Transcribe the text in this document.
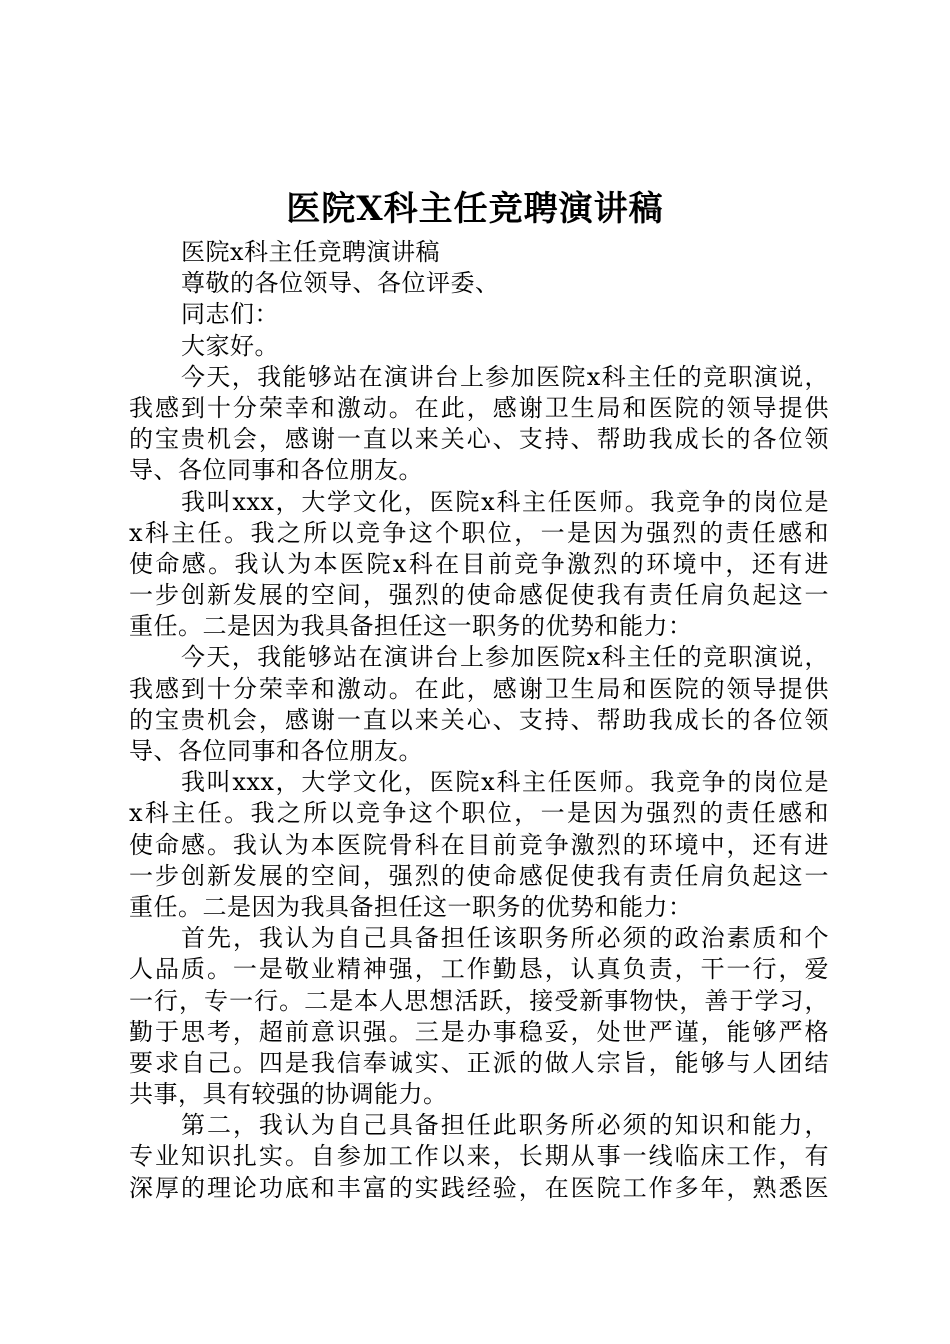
医院X科主任竞聘演讲稿
医院x科主任竞聘演讲稿
尊敬的各位领导、各位评委、
同志们：
大家好。
今天，我能够站在演讲台上参加医院x科主任的竞职演说，
我感到十分荣幸和激动。在此，感谢卫生局和医院的领导提供
的宝贵机会，感谢一直以来关心、支持、帮助我成长的各位领
导、各位同事和各位朋友。
我叫xxx，大学文化，医院x科主任医师。我竞争的岗位是
x科主任。我之所以竞争这个职位，一是因为强烈的责任感和
使命感。我认为本医院x科在目前竞争激烈的环境中，还有进
一步创新发展的空间，强烈的使命感促使我有责任肩负起这一
重任。二是因为我具备担任这一职务的优势和能力：
今天，我能够站在演讲台上参加医院x科主任的竞职演说，
我感到十分荣幸和激动。在此，感谢卫生局和医院的领导提供
的宝贵机会，感谢一直以来关心、支持、帮助我成长的各位领
导、各位同事和各位朋友。
我叫xxx，大学文化，医院x科主任医师。我竞争的岗位是
x科主任。我之所以竞争这个职位，一是因为强烈的责任感和
使命感。我认为本医院骨科在目前竞争激烈的环境中，还有进
一步创新发展的空间，强烈的使命感促使我有责任肩负起这一
重任。二是因为我具备担任这一职务的优势和能力：
首先，我认为自己具备担任该职务所必须的政治素质和个
人品质。一是敬业精神强，工作勤恳，认真负责，干一行，爱
一行，专一行。二是本人思想活跃，接受新事物快，善于学习，
勤于思考，超前意识强。三是办事稳妥，处世严谨，能够严格
要求自己。四是我信奉诚实、正派的做人宗旨，能够与人团结
共事，具有较强的协调能力。
第二，我认为自己具备担任此职务所必须的知识和能力，
专业知识扎实。自参加工作以来，长期从事一线临床工作，有
深厚的理论功底和丰富的实践经验，在医院工作多年，熟悉医
